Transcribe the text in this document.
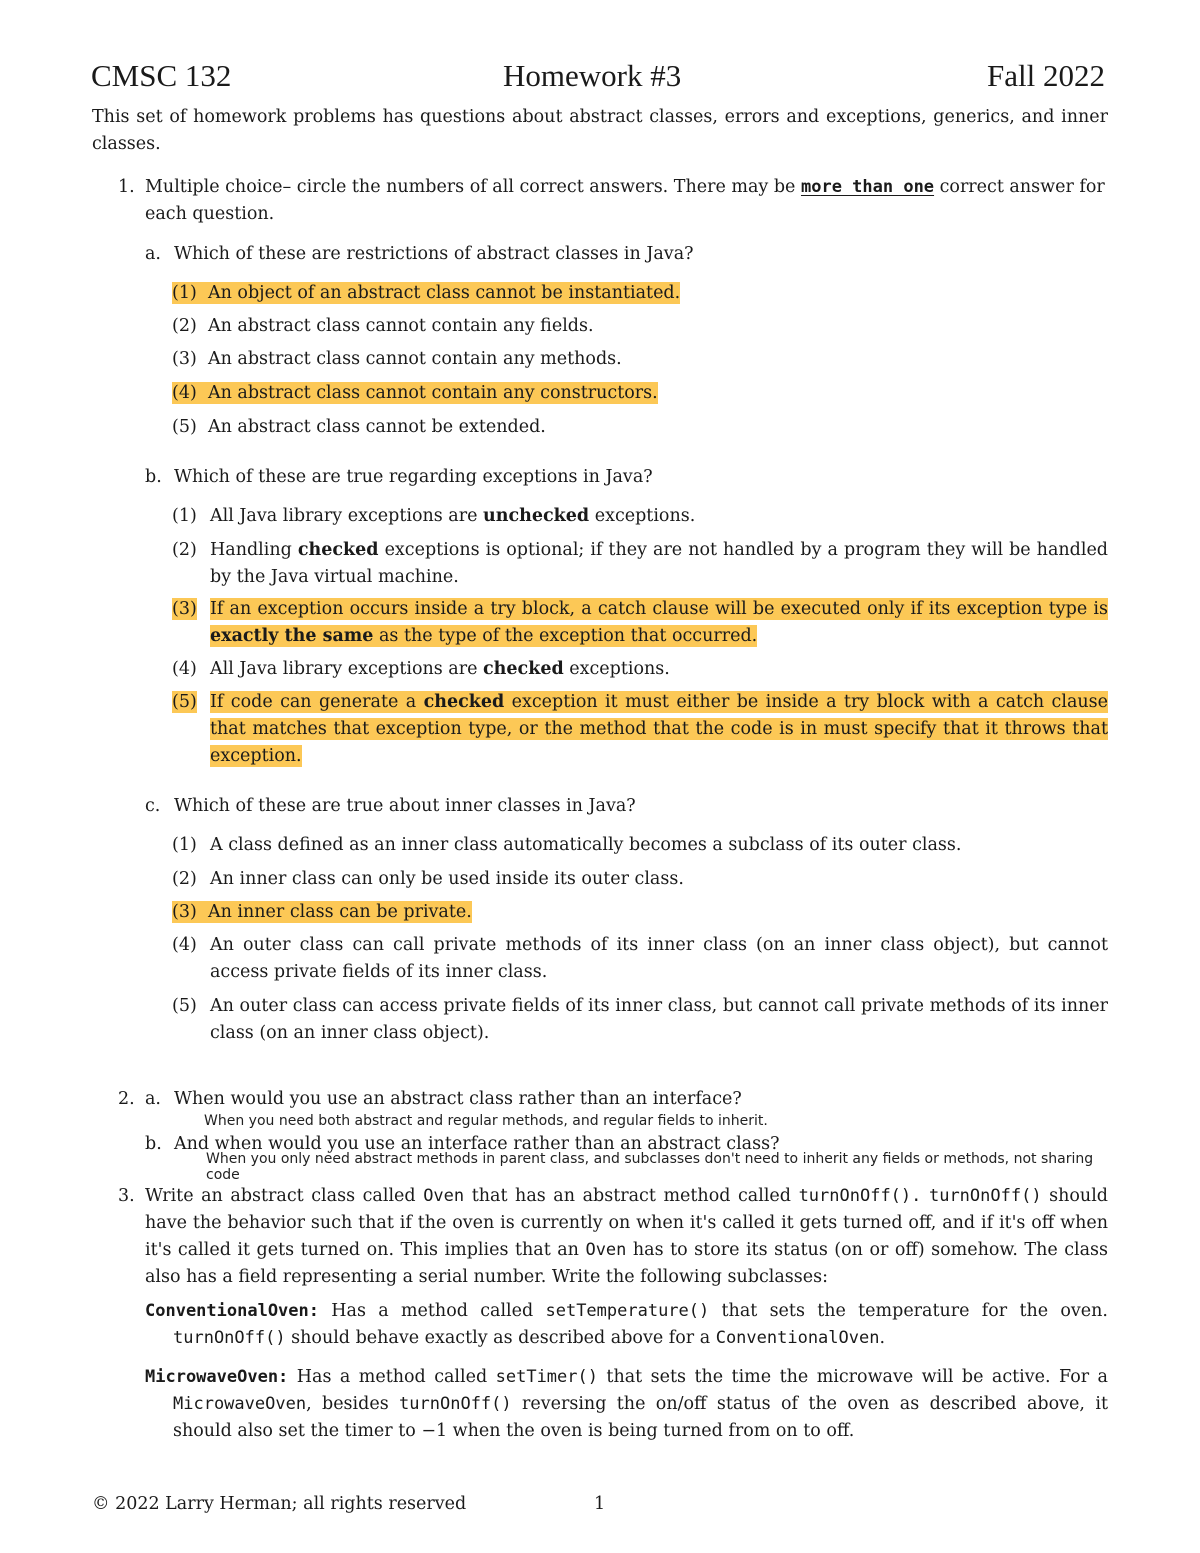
CMSC 132	Homework #3	Fall 2022
This set of homework problems has questions about abstract classes, errors and exceptions, generics, and inner classes.
1. Multiple choice– circle the numbers of all correct answers. There may be more than one correct answer for each question.
a. Which of these are restrictions of abstract classes in Java?
(1) An object of an abstract class cannot be instantiated.
(2) An abstract class cannot contain any fields.
(3) An abstract class cannot contain any methods.
(4) An abstract class cannot contain any constructors.
(5) An abstract class cannot be extended.
b. Which of these are true regarding exceptions in Java?
(1) All Java library exceptions are unchecked exceptions.
(2) Handling checked exceptions is optional; if they are not handled by a program they will be handled by the Java virtual machine.
(3) If an exception occurs inside a try block, a catch clause will be executed only if its exception type is exactly the same as the type of the exception that occurred.
(4) All Java library exceptions are checked exceptions.
(5) If code can generate a checked exception it must either be inside a try block with a catch clause that matches that exception type, or the method that the code is in must specify that it throws that exception.
c. Which of these are true about inner classes in Java?
(1) A class defined as an inner class automatically becomes a subclass of its outer class.
(2) An inner class can only be used inside its outer class.
(3) An inner class can be private.
(4) An outer class can call private methods of its inner class (on an inner class object), but cannot access private fields of its inner class.
(5) An outer class can access private fields of its inner class, but cannot call private methods of its inner class (on an inner class object).
2. a. When would you use an abstract class rather than an interface?
When you need both abstract and regular methods, and regular fields to inherit.
b. And when would you use an interface rather than an abstract class?
When you only need abstract methods in parent class, and subclasses don't need to inherit any fields or methods, not sharing code
3. Write an abstract class called Oven that has an abstract method called turnOnOff(). turnOnOff() should have the behavior such that if the oven is currently on when it's called it gets turned off, and if it's off when it's called it gets turned on. This implies that an Oven has to store its status (on or off) somehow. The class also has a field representing a serial number. Write the following subclasses:
ConventionalOven: Has a method called setTemperature() that sets the temperature for the oven. turnOnOff() should behave exactly as described above for a ConventionalOven.
MicrowaveOven: Has a method called setTimer() that sets the time the microwave will be active. For a MicrowaveOven, besides turnOnOff() reversing the on/off status of the oven as described above, it should also set the timer to −1 when the oven is being turned from on to off.
© 2022 Larry Herman; all rights reserved	1
